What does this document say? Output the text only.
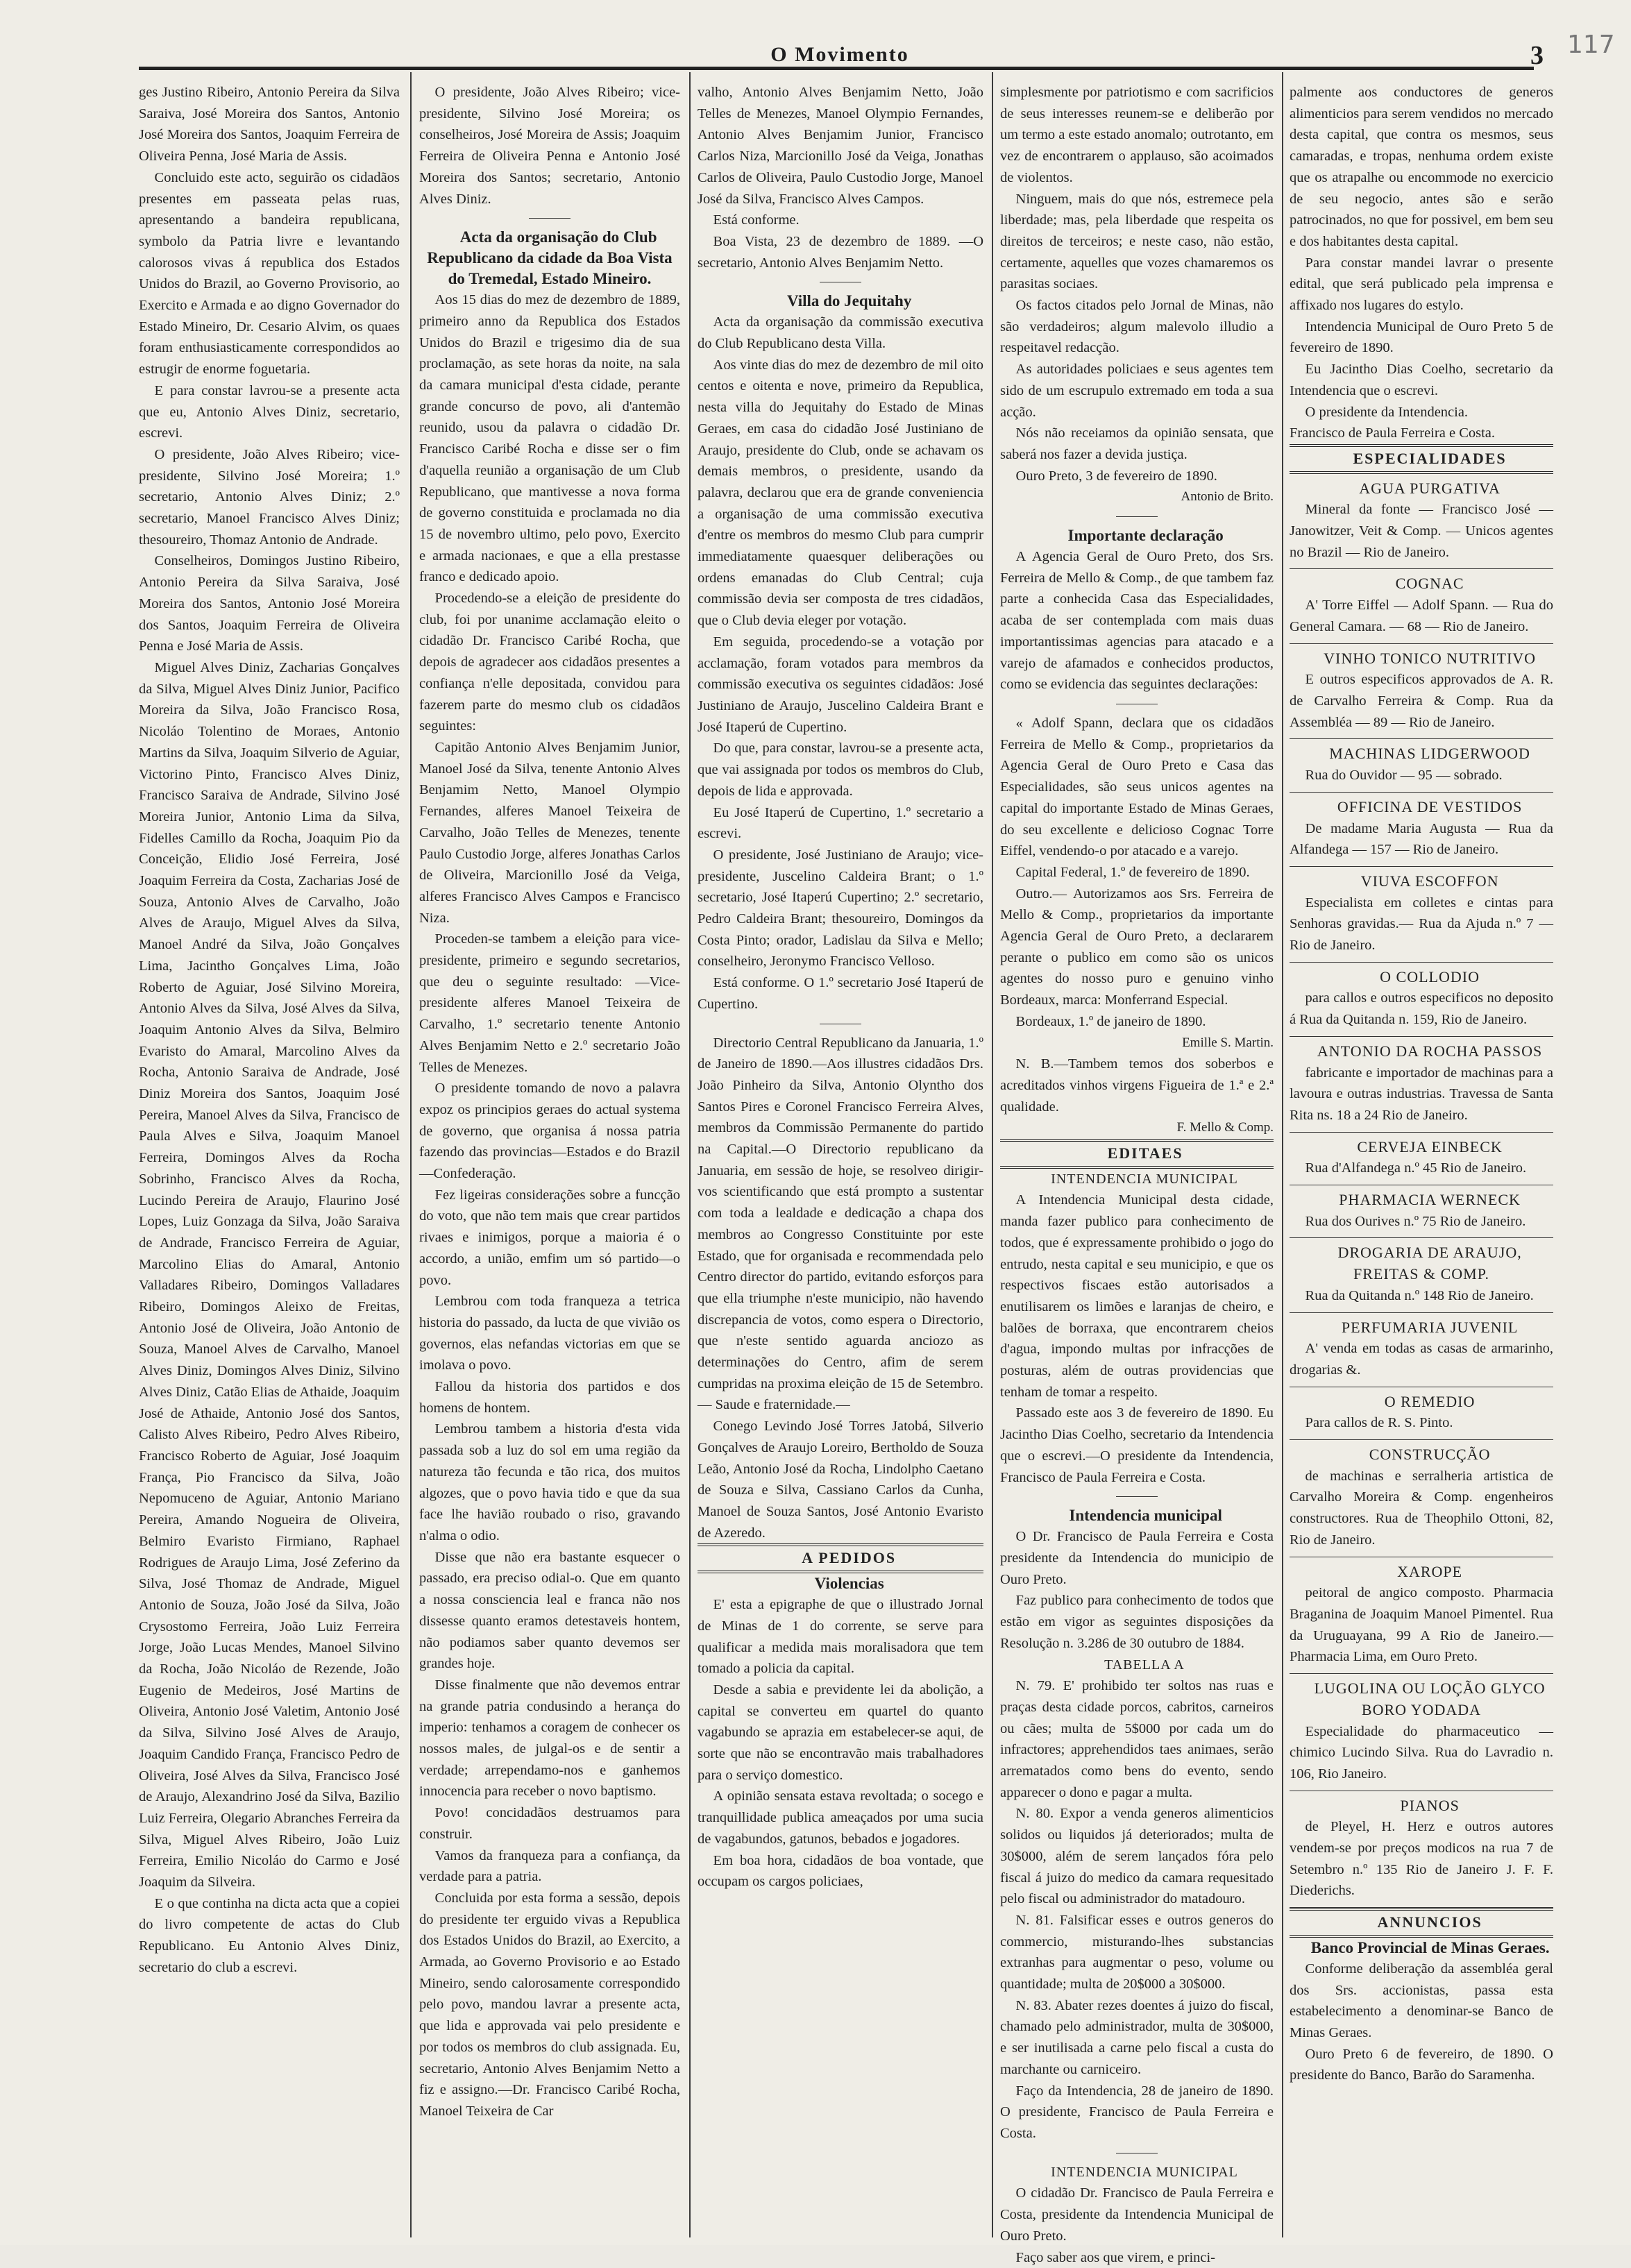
O Movimento	3 117

ges Justino Ribeiro, Antonio Pereira da Silva Saraiva, José Moreira dos Santos, Antonio José Moreira dos Santos, Joaquim Ferreira de Oliveira Penna, José Maria de Assis.

Concluido este acto, seguirão os cidadãos presentes em passeata pelas ruas, apresentando a bandeira republicana, symbolo da Patria livre e levantando calorosos vivas á republica dos Estados Unidos do Brazil, ao Governo Provisorio, ao Exercito e Armada e ao digno Governador do Estado Mineiro, Dr. Cesario Alvim, os quaes foram enthusiasticamente correspondidos ao estrugir de enorme foguetaria.

E para constar lavrou-se a presente acta que eu, Antonio Alves Diniz, secretario, escrevi.

O presidente, João Alves Ribeiro; vice-presidente, Silvino José Moreira; 1.º secretario, Antonio Alves Diniz; 2.º secretario, Manoel Francisco Alves Diniz; thesoureiro, Thomaz Antonio de Andrade.

Conselheiros, Domingos Justino Ribeiro, Antonio Pereira da Silva Saraiva, José Moreira dos Santos, Antonio José Moreira dos Santos, Joaquim Ferreira de Oliveira Penna e José Maria de Assis.

Miguel Alves Diniz, Zacharias Gonçalves da Silva, Miguel Alves Diniz Junior, Pacifico Moreira da Silva, João Francisco Rosa, Nicoláo Tolentino de Moraes, Antonio Martins da Silva, Joaquim Silverio de Aguiar, Victorino Pinto, Francisco Alves Diniz, Francisco Saraiva de Andrade, Silvino José Moreira Junior, Antonio Lima da Silva, Fidelles Camillo da Rocha, Joaquim Pio da Conceição, Elidio José Ferreira, José Joaquim Ferreira da Costa, Zacharias José de Souza, Antonio Alves de Carvalho, João Alves de Araujo, Miguel Alves da Silva, Manoel André da Silva, João Gonçalves Lima, Jacintho Gonçalves Lima, João Roberto de Aguiar, José Silvino Moreira, Antonio Alves da Silva, José Alves da Silva, Joaquim Antonio Alves da Silva, Belmiro Evaristo do Amaral, Marcolino Alves da Rocha, Antonio Saraiva de Andrade, José Diniz Moreira dos Santos, Joaquim José Pereira, Manoel Alves da Silva, Francisco de Paula Alves e Silva, Joaquim Manoel Ferreira, Domingos Alves da Rocha Sobrinho, Francisco Alves da Rocha, Lucindo Pereira de Araujo, Flaurino José Lopes, Luiz Gonzaga da Silva, João Saraiva de Andrade, Francisco Ferreira de Aguiar, Marcolino Elias do Amaral, Antonio Valladares Ribeiro, Domingos Valladares Ribeiro, Domingos Aleixo de Freitas, Antonio José de Oliveira, João Antonio de Souza, Manoel Alves de Carvalho, Manoel Alves Diniz, Domingos Alves Diniz, Silvino Alves Diniz, Catão Elias de Athaide, Joaquim José de Athaide, Antonio José dos Santos, Calisto Alves Ribeiro, Pedro Alves Ribeiro, Francisco Roberto de Aguiar, José Joaquim França, Pio Francisco da Silva, João Nepomuceno de Aguiar, Antonio Mariano Pereira, Amando Nogueira de Oliveira, Belmiro Evaristo Firmiano, Raphael Rodrigues de Araujo Lima, José Zeferino da Silva, José Thomaz de Andrade, Miguel Antonio de Souza, João José da Silva, João Crysostomo Ferreira, João Luiz Ferreira Jorge, João Lucas Mendes, Manoel Silvino da Rocha, João Nicoláo de Rezende, João Eugenio de Medeiros, José Martins de Oliveira, Antonio José Valetim, Antonio José da Silva, Silvino José Alves de Araujo, Joaquim Candido França, Francisco Pedro de Oliveira, José Alves da Silva, Francisco José de Araujo, Alexandrino José da Silva, Bazilio Luiz Ferreira, Olegario Abranches Ferreira da Silva, Miguel Alves Ribeiro, João Luiz Ferreira, Emilio Nicoláo do Carmo e José Joaquim da Silveira.

E o que continha na dicta acta que a copiei do livro competente de actas do Club Republicano. Eu Antonio Alves Diniz, secretario do club a escrevi.

O presidente, João Alves Ribeiro; vice-presidente, Silvino José Moreira; os conselheiros, José Moreira de Assis; Joaquim Ferreira de Oliveira Penna e Antonio José Moreira dos Santos; secretario, Antonio Alves Diniz.

Acta da organisação do Club Republicano da cidade da Boa Vista do Tremedal, Estado Mineiro.

Aos 15 dias do mez de dezembro de 1889, primeiro anno da Republica dos Estados Unidos do Brazil e trigesimo dia de sua proclamação, as sete horas da noite, na sala da camara municipal d'esta cidade, perante grande concurso de povo, ali d'antemão reunido, usou da palavra o cidadão Dr. Francisco Caribé Rocha e disse ser o fim d'aquella reunião a organisação de um Club Republicano, que mantivesse a nova forma de governo constituida e proclamada no dia 15 de novembro ultimo, pelo povo, Exercito e armada nacionaes, e que a ella prestasse franco e dedicado apoio.

Procedendo-se a eleição de presidente do club, foi por unanime acclamação eleito o cidadão Dr. Francisco Caribé Rocha, que depois de agradecer aos cidadãos presentes a confiança n'elle depositada, convidou para fazerem parte do mesmo club os cidadãos seguintes:

Capitão Antonio Alves Benjamim Junior, Manoel José da Silva, tenente Antonio Alves Benjamim Netto, Manoel Olympio Fernandes, alferes Manoel Teixeira de Carvalho, João Telles de Menezes, tenente Paulo Custodio Jorge, alferes Jonathas Carlos de Oliveira, Marcionillo José da Veiga, alferes Francisco Alves Campos e Francisco Niza.

Proceden-se tambem a eleição para vice-presidente, primeiro e segundo secretarios, que deu o seguinte resultado: —Vice-presidente alferes Manoel Teixeira de Carvalho, 1.º secretario tenente Antonio Alves Benjamim Netto e 2.º secretario João Telles de Menezes.

O presidente tomando de novo a palavra expoz os principios geraes do actual systema de governo, que organisa á nossa patria fazendo das provincias—Estados e do Brazil—Confederação.

Fez ligeiras considerações sobre a funcção do voto, que não tem mais que crear partidos rivaes e inimigos, porque a maioria é o accordo, a união, emfim um só partido—o povo.

Lembrou com toda franqueza a tetrica historia do passado, da lucta de que vivião os governos, elas nefandas victorias em que se imolava o povo.

Fallou da historia dos partidos e dos homens de hontem.

Lembrou tambem a historia d'esta vida passada sob a luz do sol em uma região da natureza tão fecunda e tão rica, dos muitos algozes, que o povo havia tido e que da sua face lhe havião roubado o riso, gravando n'alma o odio.

Disse que não era bastante esquecer o passado, era preciso odial-o. Que em quanto a nossa consciencia leal e franca não nos dissesse quanto eramos detestaveis hontem, não podiamos saber quanto devemos ser grandes hoje.

Disse finalmente que não devemos entrar na grande patria condusindo a herança do imperio: tenhamos a coragem de conhecer os nossos males, de julgal-os e de sentir a verdade; arrependamo-nos e ganhemos innocencia para receber o novo baptismo.

Povo! concidadãos destruamos para construir.

Vamos da franqueza para a confiança, da verdade para a patria.

Concluida por esta forma a sessão, depois do presidente ter erguido vivas a Republica dos Estados Unidos do Brazil, ao Exercito, a Armada, ao Governo Provisorio e ao Estado Mineiro, sendo calorosamente correspondido pelo povo, mandou lavrar a presente acta, que lida e approvada vai pelo presidente e por todos os membros do club assignada. Eu, secretario, Antonio Alves Benjamim Netto a fiz e assigno.—Dr. Francisco Caribé Rocha, Manoel Teixeira de Car

valho, Antonio Alves Benjamim Netto, João Telles de Menezes, Manoel Olympio Fernandes, Antonio Alves Benjamim Junior, Francisco Carlos Niza, Marcionillo José da Veiga, Jonathas Carlos de Oliveira, Paulo Custodio Jorge, Manoel José da Silva, Francisco Alves Campos.

Está conforme.

Boa Vista, 23 de dezembro de 1889. —O secretario, Antonio Alves Benjamim Netto.

Villa do Jequitahy

Acta da organisação da commissão executiva do Club Republicano desta Villa.

Aos vinte dias do mez de dezembro de mil oito centos e oitenta e nove, primeiro da Republica, nesta villa do Jequitahy do Estado de Minas Geraes, em casa do cidadão José Justiniano de Araujo, presidente do Club, onde se achavam os demais membros, o presidente, usando da palavra, declarou que era de grande conveniencia a organisação de uma commissão executiva d'entre os membros do mesmo Club para cumprir immediatamente quaesquer deliberações ou ordens emanadas do Club Central; cuja commissão devia ser composta de tres cidadãos, que o Club devia eleger por votação.

Em seguida, procedendo-se a votação por acclamação, foram votados para membros da commissão executiva os seguintes cidadãos: José Justiniano de Araujo, Juscelino Caldeira Brant e José Itaperú de Cupertino.

Do que, para constar, lavrou-se a presente acta, que vai assignada por todos os membros do Club, depois de lida e approvada.

Eu José Itaperú de Cupertino, 1.º secretario a escrevi.

O presidente, José Justiniano de Araujo; vice-presidente, Juscelino Caldeira Brant; o 1.º secretario, José Itaperú Cupertino; 2.º secretario, Pedro Caldeira Brant; thesoureiro, Domingos da Costa Pinto; orador, Ladislau da Silva e Mello; conselheiro, Jeronymo Francisco Velloso.

Está conforme. O 1.º secretario José Itaperú de Cupertino.

Directorio Central Republicano da Januaria, 1.º de Janeiro de 1890.—Aos illustres cidadãos Drs. João Pinheiro da Silva, Antonio Olyntho dos Santos Pires e Coronel Francisco Ferreira Alves, membros da Commissão Permanente do partido na Capital.—O Directorio republicano da Januaria, em sessão de hoje, se resolveo dirigir-vos scientificando que está prompto a sustentar com toda a lealdade e dedicação a chapa dos membros ao Congresso Constituinte por este Estado, que for organisada e recommendada pelo Centro director do partido, evitando esforços para que ella triumphe n'este municipio, não havendo discrepancia de votos, como espera o Directorio, que n'este sentido aguarda anciozo as determinações do Centro, afim de serem cumpridas na proxima eleição de 15 de Setembro.— Saude e fraternidade.—

Conego Levindo José Torres Jatobá, Silverio Gonçalves de Araujo Loreiro, Bertholdo de Souza Leão, Antonio José da Rocha, Lindolpho Caetano de Souza e Silva, Cassiano Carlos da Cunha, Manoel de Souza Santos, José Antonio Evaristo de Azeredo.

A PEDIDOS

Violencias

E' esta a epigraphe de que o illustrado Jornal de Minas de 1 do corrente, se serve para qualificar a medida mais moralisadora que tem tomado a policia da capital.

Desde a sabia e previdente lei da abolição, a capital se converteu em quartel do quanto vagabundo se aprazia em estabelecer-se aqui, de sorte que não se encontravão mais trabalhadores para o serviço domestico.

A opinião sensata estava revoltada; o socego e tranquillidade publica ameaçados por uma sucia de vagabundos, gatunos, bebados e jogadores.

Em boa hora, cidadãos de boa vontade, que occupam os cargos policiaes,

simplesmente por patriotismo e com sacrificios de seus interesses reunem-se e deliberão por um termo a este estado anomalo; outrotanto, em vez de encontrarem o applauso, são acoimados de violentos.

Ninguem, mais do que nós, estremece pela liberdade; mas, pela liberdade que respeita os direitos de terceiros; e neste caso, não estão, certamente, aquelles que vozes chamaremos os parasitas sociaes.

Os factos citados pelo Jornal de Minas, não são verdadeiros; algum malevolo illudio a respeitavel redacção.

As autoridades policiaes e seus agentes tem sido de um escrupulo extremado em toda a sua acção.

Nós não receiamos da opinião sensata, que saberá nos fazer a devida justiça.

Ouro Preto, 3 de fevereiro de 1890.

Antonio de Brito.

Importante declaração

A Agencia Geral de Ouro Preto, dos Srs. Ferreira de Mello & Comp., de que tambem faz parte a conhecida Casa das Especialidades, acaba de ser contemplada com mais duas importantissimas agencias para atacado e a varejo de afamados e conhecidos productos, como se evidencia das seguintes declarações:

« Adolf Spann, declara que os cidadãos Ferreira de Mello & Comp., proprietarios da Agencia Geral de Ouro Preto e Casa das Especialidades, são seus unicos agentes na capital do importante Estado de Minas Geraes, do seu excellente e delicioso Cognac Torre Eiffel, vendendo-o por atacado e a varejo.

Capital Federal, 1.º de fevereiro de 1890.

Outro.— Autorizamos aos Srs. Ferreira de Mello & Comp., proprietarios da importante Agencia Geral de Ouro Preto, a declararem perante o publico em como são os unicos agentes do nosso puro e genuino vinho Bordeaux, marca: Monferrand Especial.

Bordeaux, 1.º de janeiro de 1890.

Emille S. Martin.

N. B.—Tambem temos dos soberbos e acreditados vinhos virgens Figueira de 1.ª e 2.ª qualidade.

F. Mello & Comp.

EDITAES

INTENDENCIA MUNICIPAL

A Intendencia Municipal desta cidade, manda fazer publico para conhecimento de todos, que é expressamente prohibido o jogo do entrudo, nesta capital e seu municipio, e que os respectivos fiscaes estão autorisados a enutilisarem os limões e laranjas de cheiro, e balões de borraxa, que encontrarem cheios d'agua, impondo multas por infracções de posturas, além de outras providencias que tenham de tomar a respeito.

Passado este aos 3 de fevereiro de 1890. Eu Jacintho Dias Coelho, secretario da Intendencia que o escrevi.—O presidente da Intendencia, Francisco de Paula Ferreira e Costa.

Intendencia municipal

O Dr. Francisco de Paula Ferreira e Costa presidente da Intendencia do municipio de Ouro Preto.

Faz publico para conhecimento de todos que estão em vigor as seguintes disposições da Resolução n. 3.286 de 30 outubro de 1884.

TABELLA A

N. 79. E' prohibido ter soltos nas ruas e praças desta cidade porcos, cabritos, carneiros ou cães; multa de 5$000 por cada um do infractores; apprehendidos taes animaes, serão arrematados como bens do evento, sendo apparecer o dono e pagar a multa.

N. 80. Expor a venda generos alimenticios solidos ou liquidos já deteriorados; multa de 30$000, além de serem lançados fóra pelo fiscal á juizo do medico da camara requesitado pelo fiscal ou administrador do matadouro.

N. 81. Falsificar esses e outros generos do commercio, misturando-lhes substancias extranhas para augmentar o peso, volume ou quantidade; multa de 20$000 a 30$000.

N. 83. Abater rezes doentes á juizo do fiscal, chamado pelo administrador, multa de 30$000, e ser inutilisada a carne pelo fiscal a custa do marchante ou carniceiro.

Faço da Intendencia, 28 de janeiro de 1890. O presidente, Francisco de Paula Ferreira e Costa.

INTENDENCIA MUNICIPAL

O cidadão Dr. Francisco de Paula Ferreira e Costa, presidente da Intendencia Municipal de Ouro Preto.

Faço saber aos que virem, e princi-

palmente aos conductores de generos alimenticios para serem vendidos no mercado desta capital, que contra os mesmos, seus camaradas, e tropas, nenhuma ordem existe que os atrapalhe ou encommode no exercicio de seu negocio, antes são e serão patrocinados, no que for possivel, em bem seu e dos habitantes desta capital.

Para constar mandei lavrar o presente edital, que será publicado pela imprensa e affixado nos lugares do estylo.

Intendencia Municipal de Ouro Preto 5 de fevereiro de 1890.

Eu Jacintho Dias Coelho, secretario da Intendencia que o escrevi.

O presidente da Intendencia.

Francisco de Paula Ferreira e Costa.

ESPECIALIDADES

AGUA PURGATIVA

Mineral da fonte — Francisco José — Janowitzer, Veit & Comp. — Unicos agentes no Brazil — Rio de Janeiro.

COGNAC

A' Torre Eiffel — Adolf Spann. — Rua do General Camara. — 68 — Rio de Janeiro.

VINHO TONICO NUTRITIVO

E outros especificos approvados de A. R. de Carvalho Ferreira & Comp. Rua da Assembléa — 89 — Rio de Janeiro.

MACHINAS LIDGERWOOD

Rua do Ouvidor — 95 — sobrado.

OFFICINA DE VESTIDOS

De madame Maria Augusta — Rua da Alfandega — 157 — Rio de Janeiro.

VIUVA ESCOFFON

Especialista em colletes e cintas para Senhoras gravidas.— Rua da Ajuda n.º 7 — Rio de Janeiro.

O COLLODIO

para callos e outros especificos no deposito á Rua da Quitanda n. 159, Rio de Janeiro.

ANTONIO DA ROCHA PASSOS

fabricante e importador de machinas para a lavoura e outras industrias. Travessa de Santa Rita ns. 18 a 24 Rio de Janeiro.

CERVEJA EINBECK

Rua d'Alfandega n.º 45 Rio de Janeiro.

PHARMACIA WERNECK

Rua dos Ourives n.º 75 Rio de Janeiro.

DROGARIA DE ARAUJO, FREITAS & COMP.

Rua da Quitanda n.º 148 Rio de Janeiro.

PERFUMARIA JUVENIL

A' venda em todas as casas de armarinho, drogarias &.

O REMEDIO

Para callos de R. S. Pinto.

CONSTRUCÇÃO

de machinas e serralheria artistica de Carvalho Moreira & Comp. engenheiros constructores. Rua de Theophilo Ottoni, 82, Rio de Janeiro.

XAROPE

peitoral de angico composto. Pharmacia Braganina de Joaquim Manoel Pimentel. Rua da Uruguayana, 99 A Rio de Janeiro.—Pharmacia Lima, em Ouro Preto.

LUGOLINA OU LOÇÃO GLYCO BORO YODADA

Especialidade do pharmaceutico — chimico Lucindo Silva. Rua do Lavradio n. 106, Rio Janeiro.

PIANOS

de Pleyel, H. Herz e outros autores vendem-se por preços modicos na rua 7 de Setembro n.º 135 Rio de Janeiro J. F. F. Diederichs.

ANNUNCIOS

Banco Provincial de Minas Geraes.

Conforme deliberação da assembléa geral dos Srs. accionistas, passa esta estabelecimento a denominar-se Banco de Minas Geraes.

Ouro Preto 6 de fevereiro, de 1890. O presidente do Banco, Barão do Saramenha.
